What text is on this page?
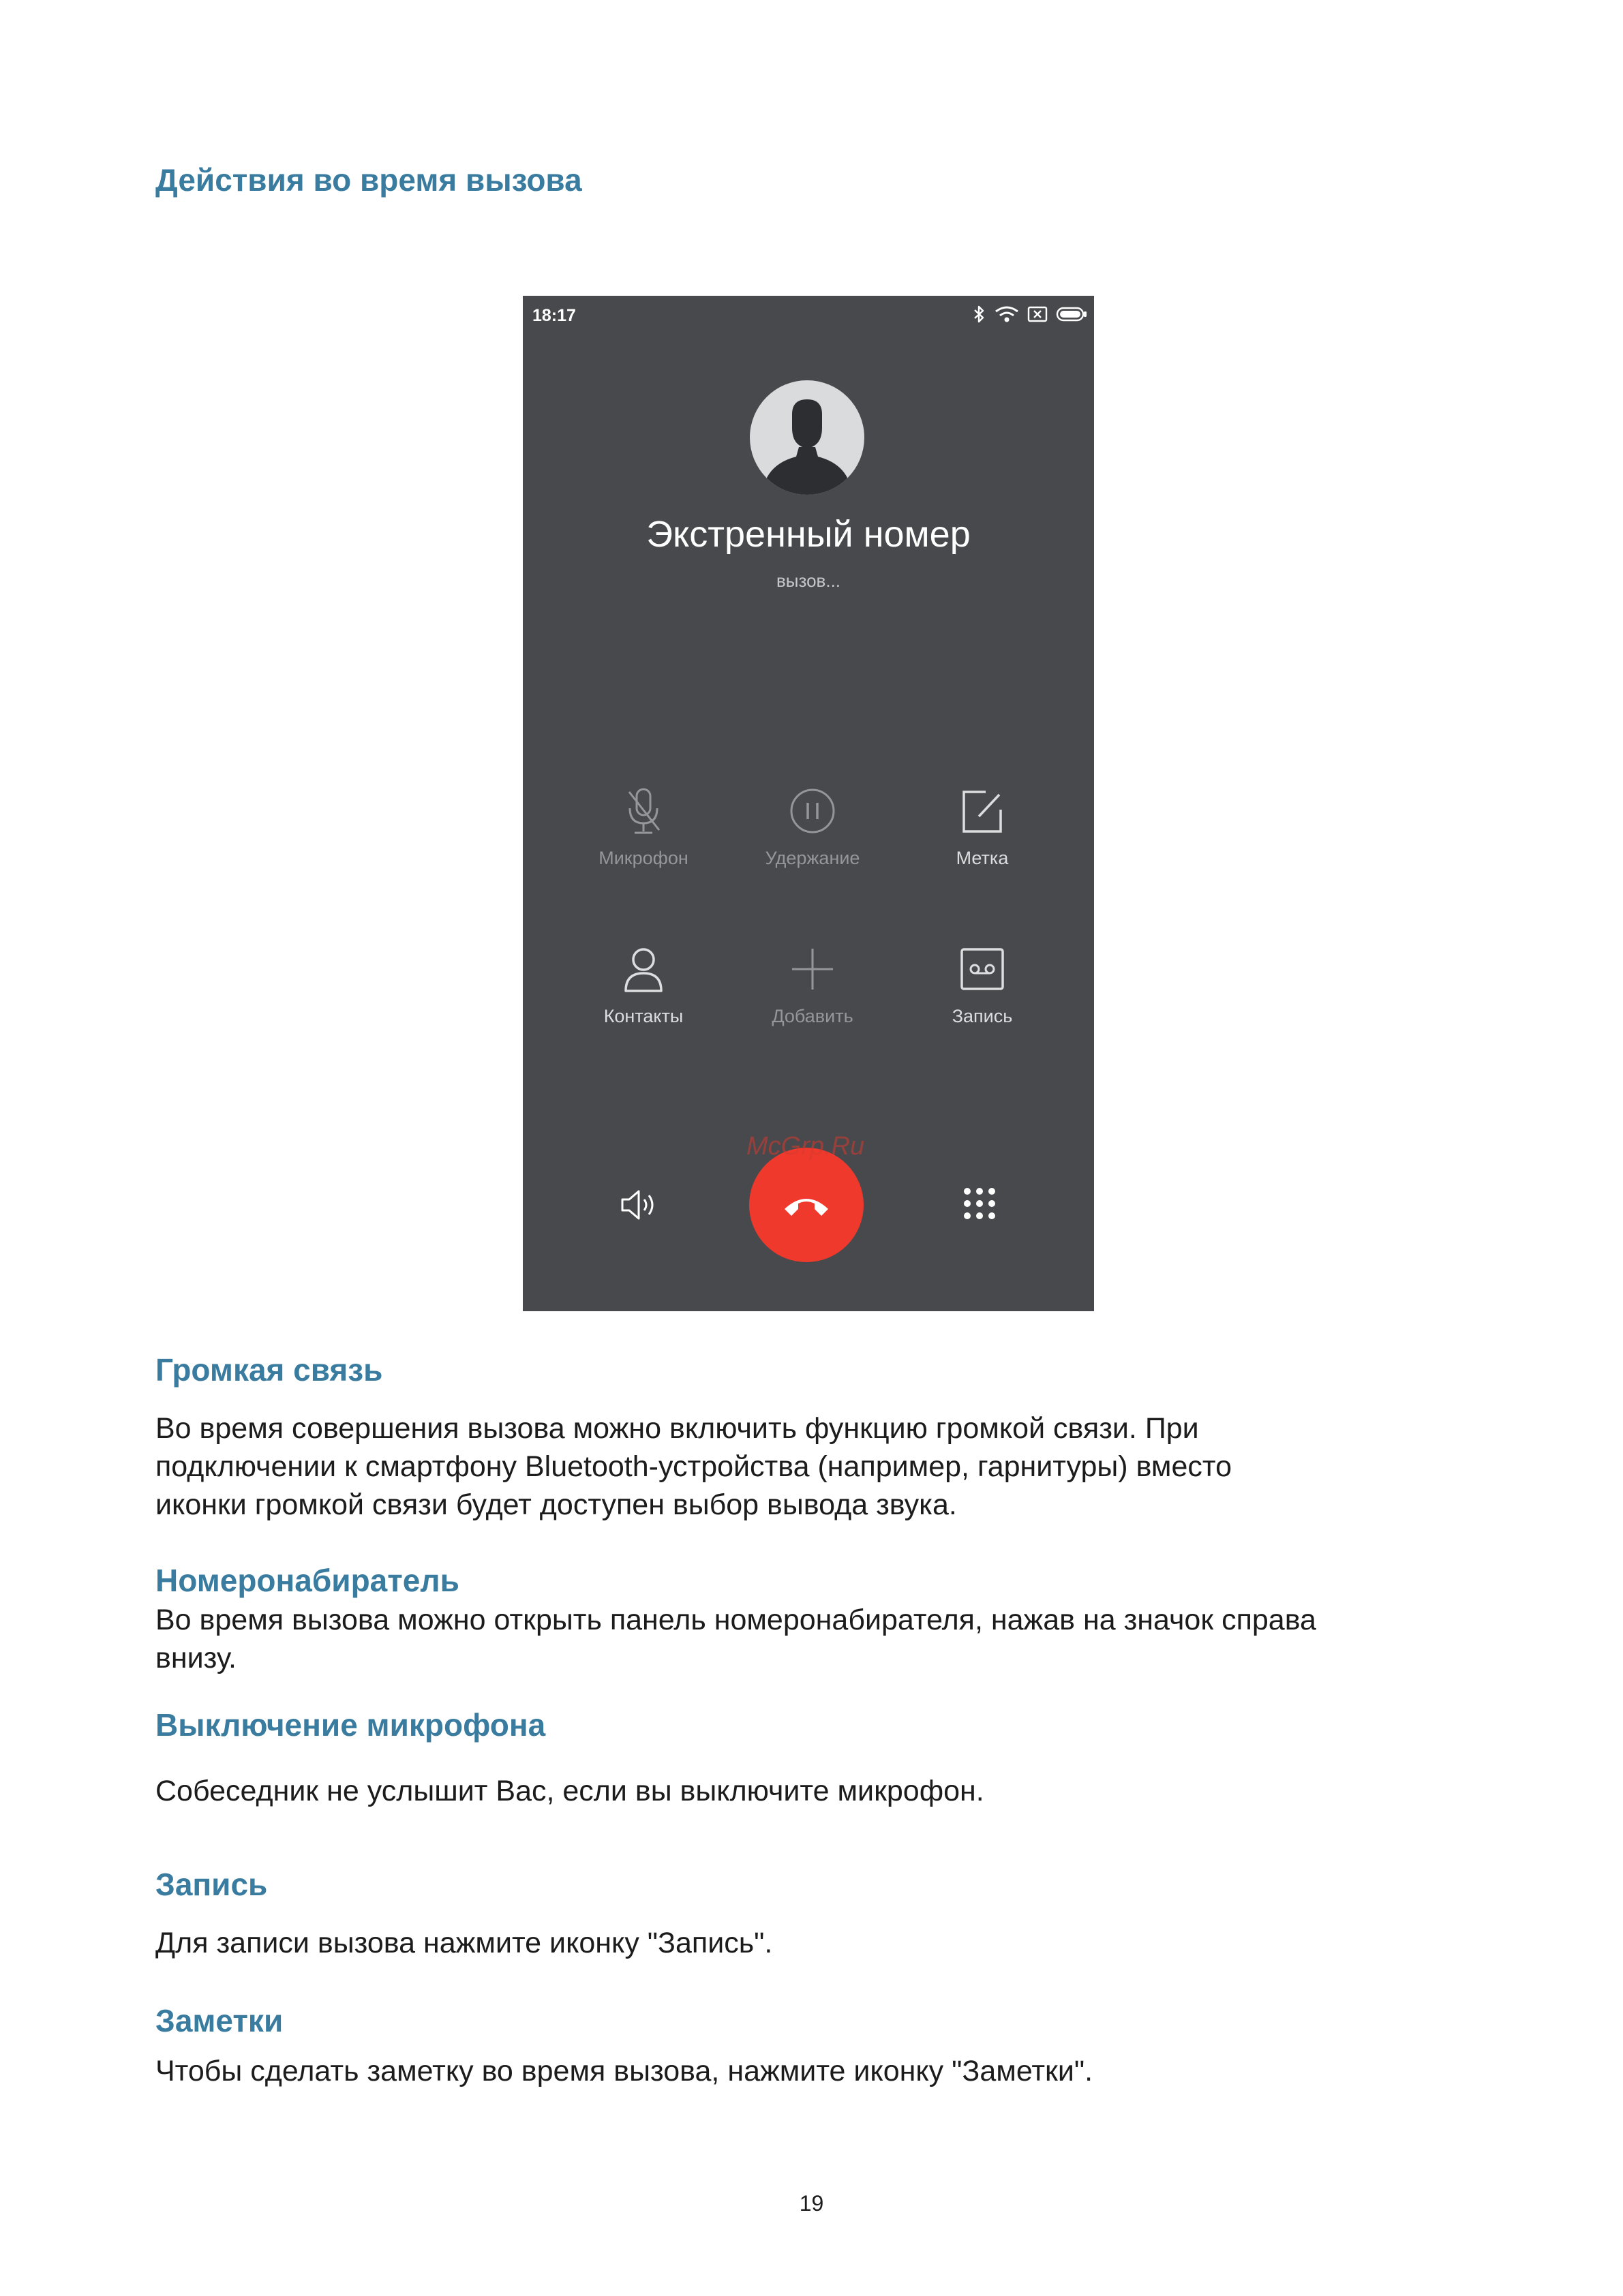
Действия во время вызова
18:17
Экстренный номер
вызов...
Микрофон	Удержание	Метка
Контакты	Добавить	Запись
McGrp.Ru
Громкая связь
Во время совершения вызова можно включить функцию громкой связи. При
подключении к смартфону Bluetooth-устройства (например, гарнитуры) вместо
иконки громкой связи будет доступен выбор вывода звука.
Номеронабиратель
Во время вызова можно открыть панель номеронабирателя, нажав на значок справа
внизу.
Выключение микрофона
Собеседник не услышит Вас, если вы выключите микрофон.
Запись
Для записи вызова нажмите иконку "Запись".
Заметки
Чтобы сделать заметку во время вызова, нажмите иконку "Заметки".
19
